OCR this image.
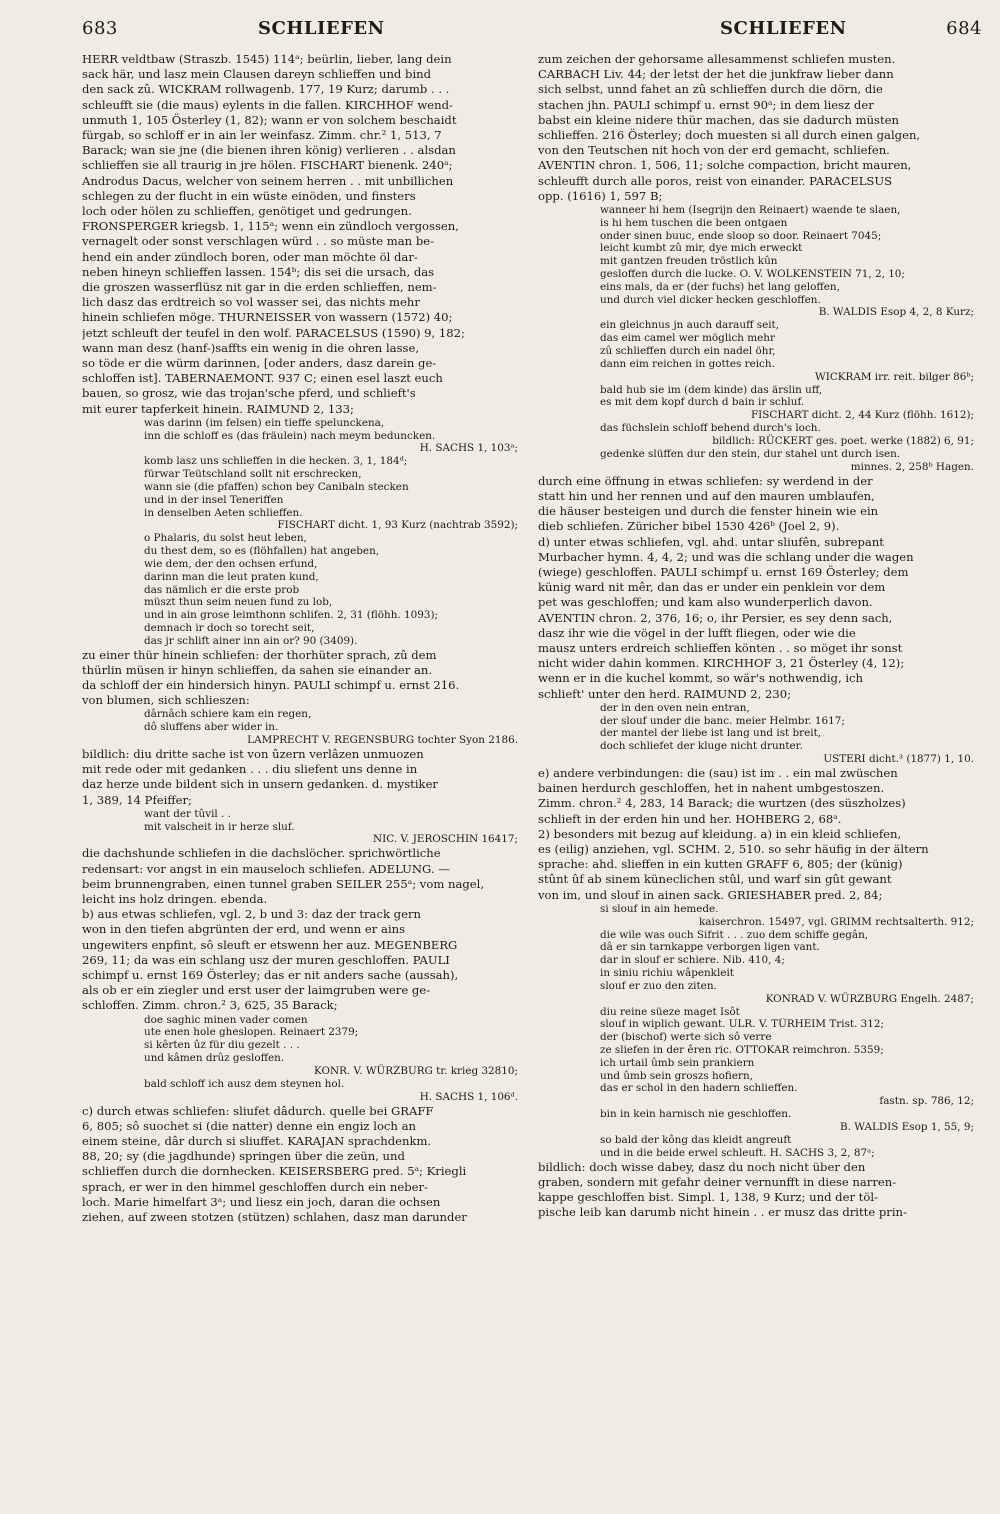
683	SCHLIEFEN	SCHLIEFEN	684
HERR veldtbaw (Straszb. 1545) 114ᵃ; beürlin, lieber, lang dein
sack här, und lasz mein Clausen dareyn schlieffen und bind
den sack zû. WICKRAM rollwagenb. 177, 19 Kurz; darumb . . .
schleufft sie (die maus) eylents in die fallen. KIRCHHOF wend-
unmuth 1, 105 Österley (1, 82); wann er von solchem beschaidt
fürgab, so schloff er in ain ler weinfasz. Zimm. chr.² 1, 513, 7
Barack; wan sie jne (die bienen ihren könig) verlieren . . alsdan
schlieffen sie all traurig in jre hölen. FISCHART bienenk. 240ᵃ;
Androdus Dacus, welcher von seinem herren . . mit unbillichen
schlegen zu der flucht in ein wüste einöden, und finsters
loch oder hölen zu schlieffen, genötiget und gedrungen.
FRONSPERGER kriegsb. 1, 115ᵃ; wenn ein zündloch vergossen,
vernagelt oder sonst verschlagen würd . . so müste man be-
hend ein ander zündloch boren, oder man möchte öl dar-
neben hineyn schlieffen lassen. 154ᵇ; dis sei die ursach, das
die groszen wasserflüsz nit gar in die erden schlieffen, nem-
lich dasz das erdtreich so vol wasser sei, das nichts mehr
hinein schliefen möge. THURNEISSER von wassern (1572) 40;
jetzt schleuft der teufel in den wolf. PARACELSUS (1590) 9, 182;
wann man desz (hanf-)saffts ein wenig in die ohren lasse,
so töde er die würm darinnen, [oder anders, dasz darein ge-
schloffen ist]. TABERNAEMONT. 937 C; einen esel laszt euch
bauen, so grosz, wie das trojan'sche pferd, und schlieft's
mit eurer tapferkeit hinein. RAIMUND 2, 133;
was darinn (im felsen) ein tieffe spelunckena,
inn die schloff es (das fräulein) nach meym beduncken.
H. SACHS 1, 103ᵃ;
komb lasz uns schlieffen in die hecken. 3, 1, 184ᵈ;
fürwar Teütschland sollt nit erschrecken,
wann sie (die pfaffen) schon bey Canibaln stecken
und in der insel Teneriffen
in denselben Aeten schlieffen.
FISCHART dicht. 1, 93 Kurz (nachtrab 3592);
o Phalaris, du solst heut leben,
du thest dem, so es (flöhfallen) hat angeben,
wie dem, der den ochsen erfund,
darinn man die leut praten kund,
das nämlich er die erste prob
müszt thun seim neuen fund zu lob,
und in ain grose leimthonn schlifen. 2, 31 (flöhh. 1093);
demnach ir doch so torecht seit,
das jr schlift ainer inn ain or? 90 (3409).
zu einer thür hinein schliefen: der thorhüter sprach, zû dem
thürlin müsen ir hinyn schlieffen, da sahen sie einander an.
da schloff der ein hindersich hinyn. PAULI schimpf u. ernst 216.
von blumen, sich schlieszen:
dârnâch schiere kam ein regen,
dô sluffens aber wider in.
LAMPRECHT V. REGENSBURG tochter Syon 2186.
bildlich: diu dritte sache ist von ûzern verlâzen unmuozen
mit rede oder mit gedanken . . . diu sliefent uns denne in
daz herze unde bildent sich in unsern gedanken. d. mystiker
1, 389, 14 Pfeiffer;
want der tûvil . .
mit valscheit in ir herze sluf.
NIC. V. JEROSCHIN 16417;
die dachshunde schliefen in die dachslöcher. sprichwörtliche
redensart: vor angst in ein mauseloch schliefen. ADELUNG. —
beim brunnengraben, einen tunnel graben SEILER 255ᵃ; vom nagel,
leicht ins holz dringen. ebenda.
b) aus etwas schliefen, vgl. 2, b und 3: daz der track gern
won in den tiefen abgrünten der erd, und wenn er ains
ungewiters enpfint, sô sleuft er etswenn her auz. MEGENBERG
269, 11; da was ein schlang usz der muren geschloffen. PAULI
schimpf u. ernst 169 Österley; das er nit anders sache (aussah),
als ob er ein ziegler und erst user der laimgruben were ge-
schloffen. Zimm. chron.² 3, 625, 35 Barack;
doe saghic minen vader comen
ute enen hole gheslopen. Reinaert 2379;
si kêrten ûz für diu gezelt . . .
und kâmen drûz gesloffen.
KONR. V. WÜRZBURG tr. krieg 32810;
bald schloff ich ausz dem steynen hol.
H. SACHS 1, 106ᵈ.
c) durch etwas schliefen: sliufet dâdurch. quelle bei GRAFF
6, 805; sô suochet si (die natter) denne ein engiz loch an
einem steine, dâr durch si sliuffet. KARAJAN sprachdenkm.
88, 20; sy (die jagdhunde) springen über die zeün, und
schlieffen durch die dornhecken. KEISERSBERG pred. 5ᵃ; Kriegli
sprach, er wer in den himmel geschloffen durch ein neber-
loch. Marie himelfart 3ᵃ; und liesz ein joch, daran die ochsen
ziehen, auf zween stotzen (stützen) schlahen, dasz man darunder
zum zeichen der gehorsame allesammenst schliefen musten.
CARBACH Liv. 44; der letst der het die junkfraw lieber dann
sich selbst, unnd fahet an zû schlieffen durch die dörn, die
stachen jhn. PAULI schimpf u. ernst 90ᵃ; in dem liesz der
babst ein kleine nidere thür machen, das sie dadurch müsten
schlieffen. 216 Österley; doch muesten si all durch einen galgen,
von den Teutschen nit hoch von der erd gemacht, schliefen.
AVENTIN chron. 1, 506, 11; solche compaction, bricht mauren,
schleufft durch alle poros, reist von einander. PARACELSUS
opp. (1616) 1, 597 B;
wanneer hi hem (Isegrijn den Reinaert) waende te slaen,
is hi hem tuschen die been ontgaen
onder sinen buuc, ende sloop so door. Reinaert 7045;
leicht kumbt zû mir, dye mich erweckt
mit gantzen freuden tröstlich kûn
gesloffen durch die lucke. O. V. WOLKENSTEIN 71, 2, 10;
eins mals, da er (der fuchs) het lang geloffen,
und durch viel dicker hecken geschloffen.
B. WALDIS Esop 4, 2, 8 Kurz;
ein gleichnus jn auch darauff seit,
das eim camel wer möglich mehr
zû schlieffen durch ein nadel öhr,
dann eim reichen in gottes reich.
WICKRAM irr. reit. bilger 86ᵇ;
bald hub sie im (dem kinde) das ärslin uff,
es mit dem kopf durch d bain ir schluf.
FISCHART dicht. 2, 44 Kurz (flöhh. 1612);
das füchslein schloff behend durch's loch.
bildlich: RÜCKERT ges. poet. werke (1882) 6, 91;
gedenke slüffen dur den stein, dur stahel unt durch isen.
minnes. 2, 258ᵇ Hagen.
durch eine öffnung in etwas schliefen: sy werdend in der
statt hin und her rennen und auf den mauren umblaufen,
die häuser besteigen und durch die fenster hinein wie ein
dieb schliefen. Züricher bibel 1530 426ᵇ (Joel 2, 9).
d) unter etwas schliefen, vgl. ahd. untar sliufên, subrepant
Murbacher hymn. 4, 4, 2; und was die schlang under die wagen
(wiege) geschloffen. PAULI schimpf u. ernst 169 Österley; dem
künig ward nit mêr, dan das er under ein penklein vor dem
pet was geschloffen; und kam also wunderperlich davon.
AVENTIN chron. 2, 376, 16; o, ihr Persier, es sey denn sach,
dasz ihr wie die vögel in der lufft fliegen, oder wie die
mausz unters erdreich schlieffen könten . . so möget ihr sonst
nicht wider dahin kommen. KIRCHHOF 3, 21 Österley (4, 12);
wenn er in die kuchel kommt, so wär's nothwendig, ich
schlieft' unter den herd. RAIMUND 2, 230;
der in den oven nein entran,
der slouf under die banc. meier Helmbr. 1617;
der mantel der liebe ist lang und ist breit,
doch schliefet der kluge nicht drunter.
USTERI dicht.³ (1877) 1, 10.
e) andere verbindungen: die (sau) ist im . . ein mal zwüschen
bainen herdurch geschloffen, het in nahent umbgestoszen.
Zimm. chron.² 4, 283, 14 Barack; die wurtzen (des süszholzes)
schlieft in der erden hin und her. HOHBERG 2, 68ᵃ.
2) besonders mit bezug auf kleidung. a) in ein kleid schliefen,
es (eilig) anziehen, vgl. SCHM. 2, 510. so sehr häufig in der ältern
sprache: ahd. slieffen in ein kutten GRAFF 6, 805; der (künig)
stûnt ûf ab sinem küneclichen stûl, und warf sin gût gewant
von im, und slouf in ainen sack. GRIESHABER pred. 2, 84;
si slouf in ain hemede.
kaiserchron. 15497, vgl. GRIMM rechtsalterth. 912;
die wile was ouch Sifrit . . . zuo dem schiffe gegân,
dâ er sin tarnkappe verborgen ligen vant.
dar in slouf er schiere. Nib. 410, 4;
in siniu richiu wâpenkleit
slouf er zuo den ziten.
KONRAD V. WÜRZBURG Engelh. 2487;
diu reine süeze maget Isôt
slouf in wiplich gewant. ULR. V. TÜRHEIM Trist. 312;
der (bischof) werte sich sô verre
ze sliefen in der êren ric. OTTOKAR reimchron. 5359;
ich urtail ûmb sein prankiern
und ûmb sein groszs hofiern,
das er schol in den hadern schlieffen.
fastn. sp. 786, 12;
bin in kein harnisch nie geschloffen.
B. WALDIS Esop 1, 55, 9;
so bald der kông das kleidt angreuft
und in die beide erwel schleuft. H. SACHS 3, 2, 87ᵃ;
bildlich: doch wisse dabey, dasz du noch nicht über den
graben, sondern mit gefahr deiner vernunfft in diese narren-
kappe geschloffen bist. Simpl. 1, 138, 9 Kurz; und der töl-
pische leib kan darumb nicht hinein . . er musz das dritte prin-
